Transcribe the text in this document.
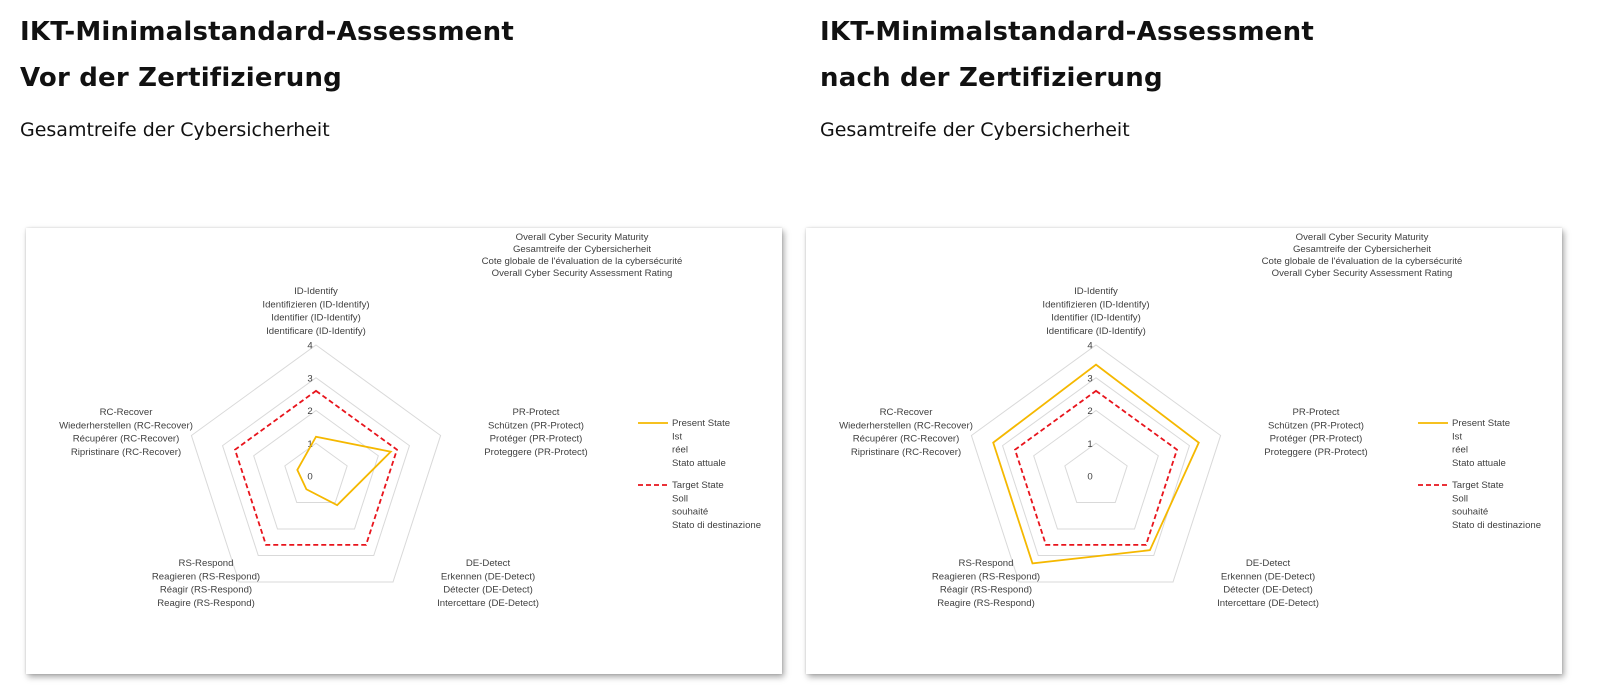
IKT-Minimalstandard-Assessment
Vor der Zertifizierung
Gesamtreife der Cybersicherheit
0
1
2
3
4
ID-Identify Identifizieren (ID-Identify) Identifier (ID-Identify) Identificare (ID-Identify)
PR-Protect Schützen (PR-Protect) Protéger (PR-Protect) Proteggere (PR-Protect)
DE-Detect Erkennen (DE-Detect) Détecter (DE-Detect) Intercettare (DE-Detect)
RS-Respond Reagieren (RS-Respond) Réagir (RS-Respond) Reagire (RS-Respond)
RC-Recover Wiederherstellen (RC-Recover) Récupérer (RC-Recover) Ripristinare (RC-Recover)
Overall Cyber Security Maturity Gesamtreife der Cybersicherheit Cote globale de l'évaluation de la cybersécurité Overall Cyber Security Assessment Rating
Present State Ist réel Stato attuale
Target State Soll souhaité Stato di destinazione
IKT-Minimalstandard-Assessment
nach der Zertifizierung
Gesamtreife der Cybersicherheit
0
1
2
3
4
ID-Identify Identifizieren (ID-Identify) Identifier (ID-Identify) Identificare (ID-Identify)
PR-Protect Schützen (PR-Protect) Protéger (PR-Protect) Proteggere (PR-Protect)
DE-Detect Erkennen (DE-Detect) Détecter (DE-Detect) Intercettare (DE-Detect)
RS-Respond Reagieren (RS-Respond) Réagir (RS-Respond) Reagire (RS-Respond)
RC-Recover Wiederherstellen (RC-Recover) Récupérer (RC-Recover) Ripristinare (RC-Recover)
Overall Cyber Security Maturity Gesamtreife der Cybersicherheit Cote globale de l'évaluation de la cybersécurité Overall Cyber Security Assessment Rating
Present State Ist réel Stato attuale
Target State Soll souhaité Stato di destinazione
